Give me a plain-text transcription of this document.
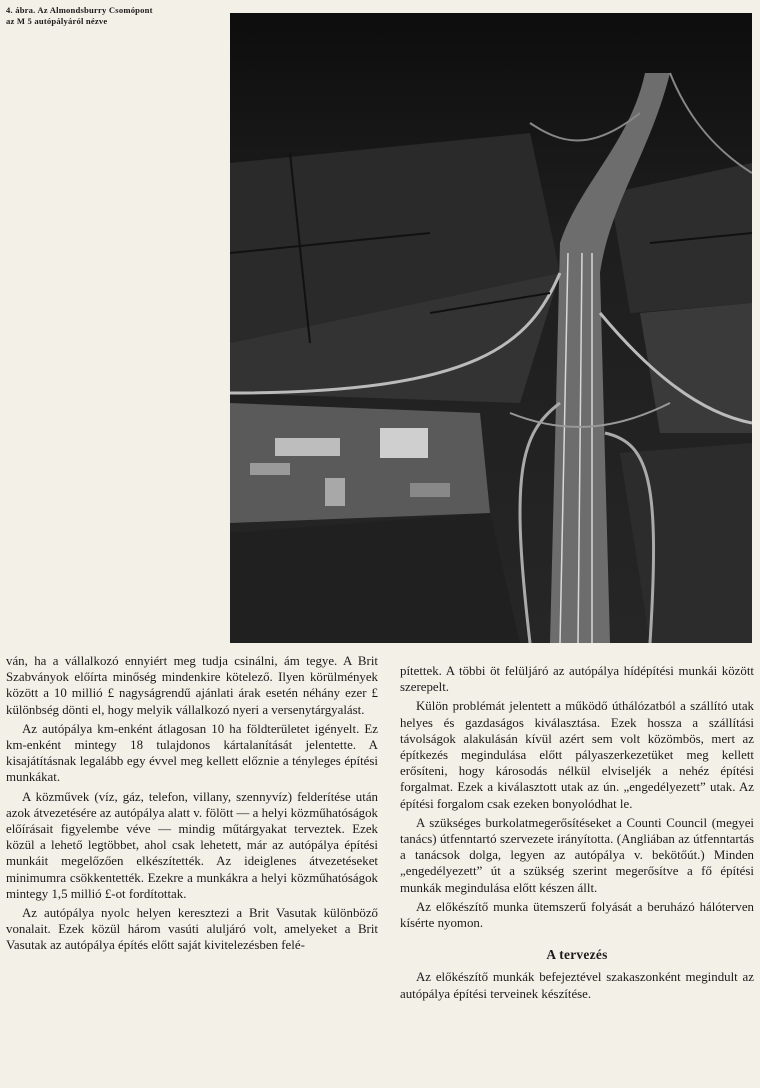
4. ábra. Az Almondsburry Csomópont
az M 5 autópályáról nézve

ván, ha a vállalkozó ennyiért meg tudja csinálni, ám tegye. A Brit Szabványok előírta minőség mindenkire kötelező. Ilyen körülmények között a 10 millió £ nagyságrendű ajánlati árak esetén néhány ezer £ különbség dönti el, hogy melyik vállalkozó nyeri a versenytárgyalást.

Az autópálya km-enként átlagosan 10 ha földterületet igényelt. Ez km-enként mintegy 18 tulajdonos kártalanítását jelentette. A kisajátításnak legalább egy évvel meg kellett előznie a tényleges építési munkákat.

A közművek (víz, gáz, telefon, villany, szennyvíz) felderítése után azok átvezetésére az autópálya alatt v. fölött — a helyi közműhatóságok előírásait figyelembe véve — mindig műtárgyakat terveztek. Ezek közül a lehető legtöbbet, ahol csak lehetett, már az autópálya építési munkáit megelőzően elkészítették. Az ideiglenes átvezetéseket minimumra csökkentették. Ezekre a munkákra a helyi közműhatóságok mintegy 1,5 millió £-ot fordítottak.

Az autópálya nyolc helyen keresztezi a Brit Vasutak különböző vonalait. Ezek közül három vasúti aluljáró volt, amelyeket a Brit Vasutak az autópálya építés előtt saját kivitelezésben felé-

pítettek. A többi öt felüljáró az autópálya hídépítési munkái között szerepelt.

Külön problémát jelentett a működő úthálózatból a szállító utak helyes és gazdaságos kiválasztása. Ezek hossza a szállítási távolságok alakulásán kívül azért sem volt közömbös, mert az építkezés megindulása előtt pályaszerkezetüket meg kellett erősíteni, hogy károsodás nélkül elviseljék a nehéz építési forgalmat. Ezek a kiválasztott utak az ún. „engedélyezett” utak. Az építési forgalom csak ezeken bonyolódhat le.

A szükséges burkolatmegerősítéseket a Counti Council (megyei tanács) útfenntartó szervezete irányította. (Angliában az útfenntartás a tanácsok dolga, legyen az autópálya v. bekötőút.) Minden „engedélyezett” út a szükség szerint megerősítve a fő építési munkák megindulása előtt készen állt.

Az előkészítő munka ütemszerű folyását a beruházó hálóterven kísérte nyomon.

A tervezés

Az előkészítő munkák befejeztével szakaszonként megindult az autópálya építési terveinek készítése.
